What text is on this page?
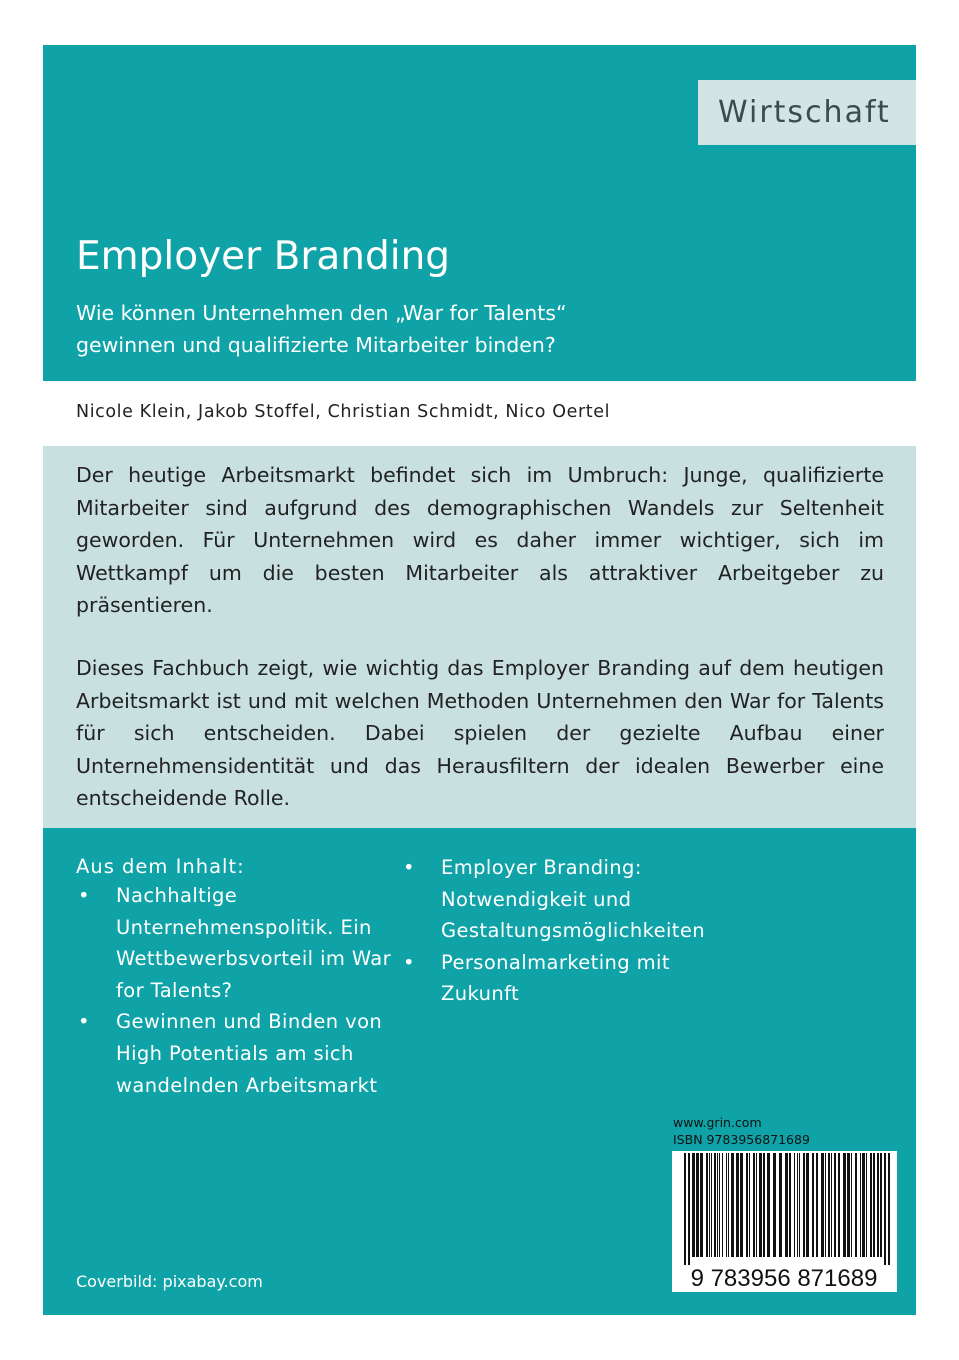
Wirtschaft
Employer Branding
Wie können Unternehmen den „War for Talents“
gewinnen und qualifizierte Mitarbeiter binden?
Nicole Klein, Jakob Stoffel, Christian Schmidt, Nico Oertel

Der heutige Arbeitsmarkt befindet sich im Umbruch: Junge, qualifizierte Mitarbeiter sind aufgrund des demographischen Wandels zur Seltenheit geworden. Für Unternehmen wird es daher immer wichtiger, sich im Wettkampf um die besten Mitarbeiter als attraktiver Arbeitgeber zu präsentieren.

Dieses Fachbuch zeigt, wie wichtig das Employer Branding auf dem heutigen Arbeitsmarkt ist und mit welchen Methoden Unternehmen den War for Talents für sich entscheiden. Dabei spielen der gezielte Aufbau einer Unternehmensidentität und das Herausfiltern der idealen Bewerber eine entscheidende Rolle.

Aus dem Inhalt:
• Nachhaltige Unternehmenspolitik. Ein Wettbewerbsvorteil im War for Talents?
• Gewinnen und Binden von High Potentials am sich wandelnden Arbeitsmarkt
• Employer Branding: Notwendigkeit und Gestaltungsmöglichkeiten
• Personalmarketing mit Zukunft
www.grin.com
ISBN 9783956871689
9 783956 871689
Coverbild: pixabay.com
